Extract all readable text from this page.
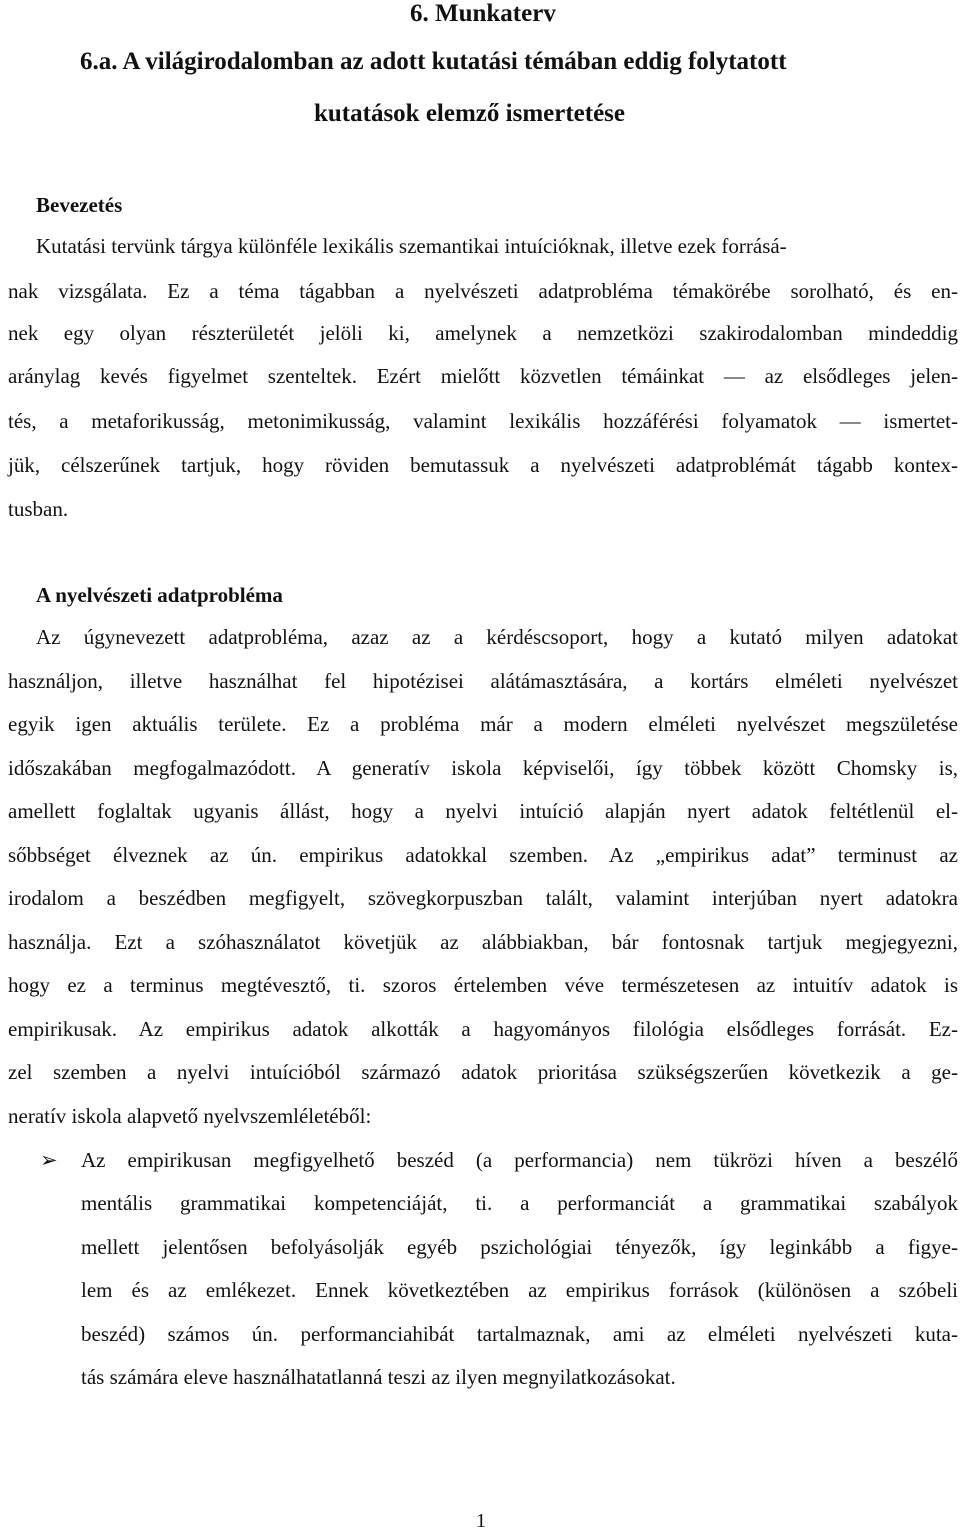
6. Munkaterv
6.a. A világirodalomban az adott kutatási témában eddig folytatott
kutatások elemző ismertetése
Bevezetés
Kutatási tervünk tárgya különféle lexikális szemantikai intuícióknak, illetve ezek forrásá-
nak vizsgálata. Ez a téma tágabban a nyelvészeti adatprobléma témakörébe sorolható, és en-
nek egy olyan részterületét jelöli ki, amelynek a nemzetközi szakirodalomban mindeddig
aránylag kevés figyelmet szenteltek. Ezért mielőtt közvetlen témáinkat — az elsődleges jelen-
tés, a metaforikusság, metonimikusság, valamint lexikális hozzáférési folyamatok — ismertet-
jük, célszerűnek tartjuk, hogy röviden bemutassuk a nyelvészeti adatproblémát tágabb kontex-
tusban.
A nyelvészeti adatprobléma
Az úgynevezett adatprobléma, azaz az a kérdéscsoport, hogy a kutató milyen adatokat
használjon, illetve használhat fel hipotézisei alátámasztására, a kortárs elméleti nyelvészet
egyik igen aktuális területe. Ez a probléma már a modern elméleti nyelvészet megszületése
időszakában megfogalmazódott. A generatív iskola képviselői, így többek között Chomsky is,
amellett foglaltak ugyanis állást, hogy a nyelvi intuíció alapján nyert adatok feltétlenül el-
sőbbséget élveznek az ún. empirikus adatokkal szemben. Az „empirikus adat” terminust az
irodalom a beszédben megfigyelt, szövegkorpuszban talált, valamint interjúban nyert adatokra
használja. Ezt a szóhasználatot követjük az alábbiakban, bár fontosnak tartjuk megjegyezni,
hogy ez a terminus megtévesztő, ti. szoros értelemben véve természetesen az intuitív adatok is
empirikusak. Az empirikus adatok alkották a hagyományos filológia elsődleges forrását. Ez-
zel szemben a nyelvi intuícióból származó adatok prioritása szükségszerűen következik a ge-
neratív iskola alapvető nyelvszemléletéből:
➢ Az empirikusan megfigyelhető beszéd (a performancia) nem tükrözi híven a beszélő
mentális grammatikai kompetenciáját, ti. a performanciát a grammatikai szabályok
mellett jelentősen befolyásolják egyéb pszichológiai tényezők, így leginkább a figye-
lem és az emlékezet. Ennek következtében az empirikus források (különösen a szóbeli
beszéd) számos ún. performanciahibát tartalmaznak, ami az elméleti nyelvészeti kuta-
tás számára eleve használhatatlanná teszi az ilyen megnyilatkozásokat.
1
